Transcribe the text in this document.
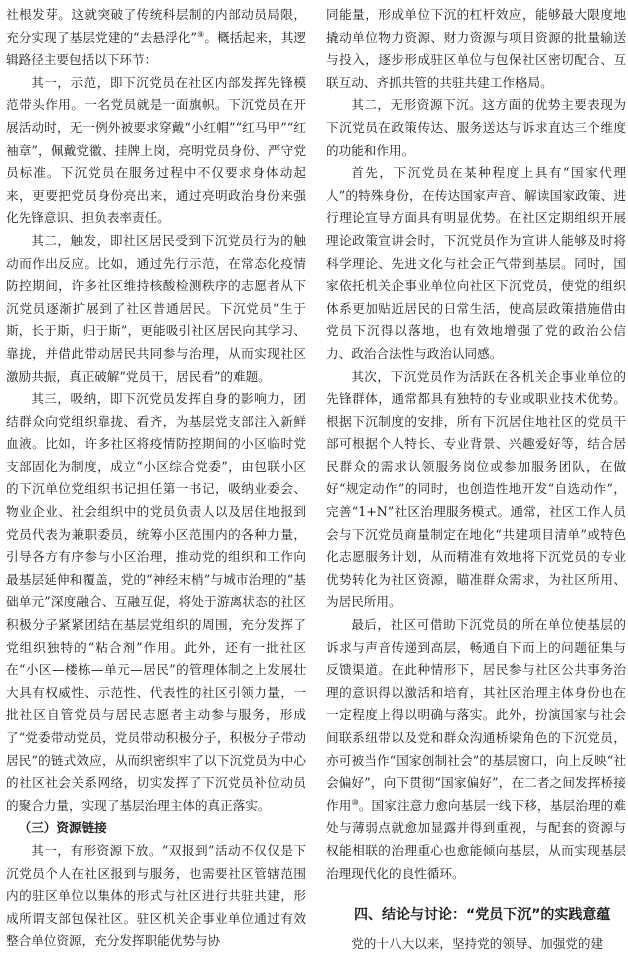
社根发芽。这就突破了传统科层制的内部动员局限，充分实现了基层党建的“去悬浮化”⑨。概括起来，其逻辑路径主要包括以下环节：

其一，示范，即下沉党员在社区内部发挥先锋模范带头作用。一名党员就是一面旗帜。下沉党员在开展活动时，无一例外被要求穿戴“小红帽”“红马甲”“红袖章”，佩戴党徽、挂牌上岗，亮明党员身份、严守党员标准。下沉党员在服务过程中不仅要求身体动起来，更要把党员身份亮出来，通过亮明政治身份来强化先锋意识、担负表率责任。

其二，触发，即社区居民受到下沉党员行为的触动而作出反应。比如，通过先行示范，在常态化疫情防控期间，许多社区维持核酸检测秩序的志愿者从下沉党员逐渐扩展到了社区普通居民。下沉党员“生于斯，长于斯，归于斯”，更能吸引社区居民向其学习、靠拢，并借此带动居民共同参与治理，从而实现社区激励共振，真正破解“党员干，居民看”的难题。

其三，吸纳，即下沉党员发挥自身的影响力，团结群众向党组织靠拢、看齐，为基层党支部注入新鲜血液。比如，许多社区将疫情防控期间的小区临时党支部固化为制度，成立“小区综合党委”，由包联小区的下沉单位党组织书记担任第一书记，吸纳业委会、物业企业、社会组织中的党员负责人以及居住地报到党员代表为兼职委员，统筹小区范围内的各种力量，引导各方有序参与小区治理，推动党的组织和工作向最基层延伸和覆盖，党的“神经末梢”与城市治理的“基础单元”深度融合、互融互促，将处于游离状态的社区积极分子紧紧团结在基层党组织的周围，充分发挥了党组织独特的“粘合剂”作用。此外，还有一批社区在“小区—楼栋—单元—居民”的管理体制之上发展壮大具有权威性、示范性、代表性的社区引领力量，一批社区自管党员与居民志愿者主动参与服务，形成了“党委带动党员，党员带动积极分子，积极分子带动居民”的链式效应，从而织密织牢了以下沉党员为中心的社区社会关系网络，切实发挥了下沉党员补位动员的聚合力量，实现了基层治理主体的真正落实。

（三）资源链接

其一，有形资源下放。“双报到”活动不仅仅是下沉党员个人在社区报到与服务，也需要社区管辖范围内的驻区单位以集体的形式与社区进行共驻共建，形成所谓支部包保社区。驻区机关企事业单位通过有效整合单位资源，充分发挥职能优势与协

同能量，形成单位下沉的杠杆效应，能够最大限度地撬动单位物力资源、财力资源与项目资源的批量输送与投入，逐步形成驻区单位与包保社区密切配合、互联互动、齐抓共管的共驻共建工作格局。

其二，无形资源下沉。这方面的优势主要表现为下沉党员在政策传达、服务送达与诉求直达三个维度的功能和作用。

首先，下沉党员在某种程度上具有“国家代理人”的特殊身份，在传达国家声音、解读国家政策、进行理论宣导方面具有明显优势。在社区定期组织开展理论政策宣讲会时，下沉党员作为宣讲人能够及时将科学理论、先进文化与社会正气带到基层。同时，国家依托机关企事业单位向社区下沉党员，使党的组织体系更加贴近居民的日常生活，使高层政策措施借由党员下沉得以落地，也有效地增强了党的政治公信力、政治合法性与政治认同感。

其次，下沉党员作为活跃在各机关企事业单位的先锋群体，通常都具有独特的专业或职业技术优势。根据下沉制度的安排，所有下沉居住地社区的党员干部可根据个人特长、专业背景、兴趣爱好等，结合居民群众的需求认领服务岗位或参加服务团队，在做好“规定动作”的同时，也创造性地开发“自选动作”，完善“1+N”社区治理服务模式。通常，社区工作人员会与下沉党员商量制定在地化“共建项目清单”或特色化志愿服务计划，从而精准有效地将下沉党员的专业优势转化为社区资源，瞄准群众需求，为社区所用、为居民所用。

最后，社区可借助下沉党员的所在单位使基层的诉求与声音传递到高层，畅通自下而上的问题征集与反馈渠道。在此种情形下，居民参与社区公共事务治理的意识得以激活和培育，其社区治理主体身份也在一定程度上得以明确与落实。此外，扮演国家与社会间联系纽带以及党和群众沟通桥梁角色的下沉党员，亦可被当作“国家创制社会”的基层窗口，向上反映“社会偏好”，向下贯彻“国家偏好”，在二者之间发挥桥接作用⑩。国家注意力愈向基层一线下移，基层治理的难处与薄弱点就愈加显露并得到重视，与配套的资源与权能相联的治理重心也愈能倾向基层，从而实现基层治理现代化的良性循环。

四、结论与讨论：“党员下沉”的实践意蕴

党的十八大以来，坚持党的领导、加强党的建
